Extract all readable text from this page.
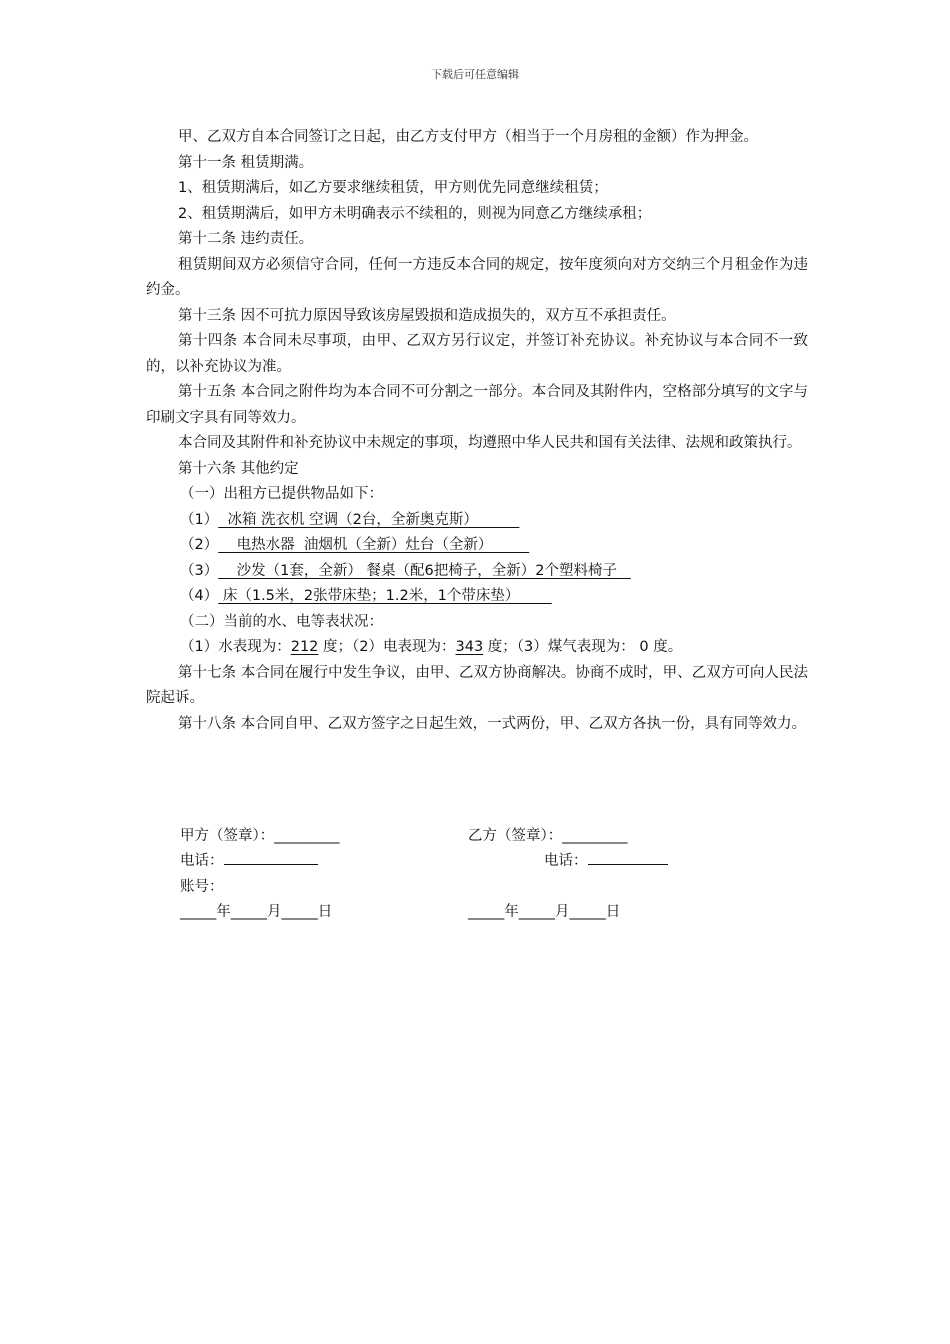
下载后可任意编辑
甲、乙双方自本合同签订之日起，由乙方支付甲方（相当于一个月房租的金额）作为押金。
第十一条 租赁期满。
1、租赁期满后，如乙方要求继续租赁，甲方则优先同意继续租赁；
2、租赁期满后，如甲方未明确表示不续租的，则视为同意乙方继续承租；
第十二条 违约责任。
租赁期间双方必须信守合同，任何一方违反本合同的规定，按年度须向对方交纳三个月租金作为违约金。
第十三条 因不可抗力原因导致该房屋毁损和造成损失的，双方互不承担责任。
第十四条 本合同未尽事项，由甲、乙双方另行议定，并签订补充协议。补充协议与本合同不一致的，以补充协议为准。
第十五条 本合同之附件均为本合同不可分割之一部分。本合同及其附件内，空格部分填写的文字与印刷文字具有同等效力。
本合同及其附件和补充协议中未规定的事项，均遵照中华人民共和国有关法律、法规和政策执行。
第十六条 其他约定
（一）出租方已提供物品如下：
（1）  冰箱 洗衣机 空调（2台，全新奥克斯）
（2）    电热水器  油烟机（全新）灶台（全新）
（3）    沙发（1套，全新） 餐桌（配6把椅子，全新）2个塑料椅子
（4） 床（1.5米，2张带床垫；1.2米，1个带床垫）
（二）当前的水、电等表状况：
（1）水表现为：212 度；（2）电表现为：343 度；（3）煤气表现为： 0 度。
第十七条 本合同在履行中发生争议，由甲、乙双方协商解决。协商不成时，甲、乙双方可向人民法院起诉。
第十八条 本合同自甲、乙双方签字之日起生效，一式两份，甲、乙双方各执一份，具有同等效力。
甲方（签章）：_________	乙方（签章）：_________
电话：	电话：
账号：
_____年_____月_____日	_____年_____月_____日
